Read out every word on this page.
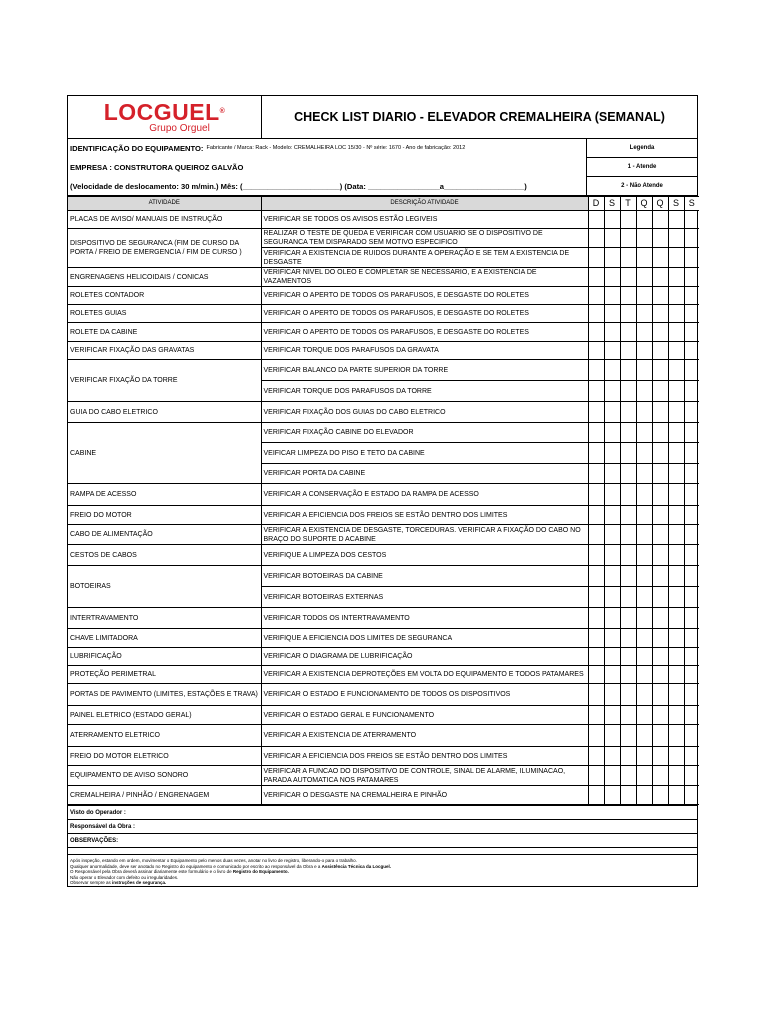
LOCGUEL®
Grupo Orguel
CHECK LIST DIARIO - ELEVADOR CREMALHEIRA (SEMANAL)
IDENTIFICAÇÃO DO EQUIPAMENTO: Fabricante / Marca: Rack - Modelo: CREMALHEIRA LOC 15/30 - Nº série: 1670 - Ano de fabricação: 2012
EMPRESA : CONSTRUTORA QUEIROZ GALVÃO
(Velocidade de deslocamento: 30 m/min.) Mês: (_______________________) (Data: _________________a___________________)
Legenda
1 - Atende
2 - Não Atende
ATIVIDADE	DESCRIÇÃO ATIVIDADE	D	S	T	Q	Q	S	S
PLACAS DE AVISO/ MANUAIS DE INSTRUÇÃO	VERIFICAR SE TODOS OS AVISOS ESTÃO LEGIVEIS							
DISPOSITIVO DE SEGURANCA (FIM DE CURSO DA PORTA / FREIO DE EMERGENCIA / FIM DE CURSO )	REALIZAR O TESTE DE QUEDA E VERIFICAR COM USUARIO SE O DISPOSITIVO DE SEGURANCA TEM DISPARADO SEM MOTIVO ESPECIFICO							
	VERIFICAR A EXISTENCIA DE RUIDOS DURANTE A OPERAÇÃO E SE TEM A EXISTENCIA DE DESGASTE							
ENGRENAGENS HELICOIDAIS / CONICAS	VERIFICAR NIVEL DO OLEO E COMPLETAR SE NECESSARIO, E A EXISTENCIA DE VAZAMENTOS							
ROLETES CONTADOR	VERIFICAR O APERTO DE TODOS OS PARAFUSOS, E DESGASTE DO ROLETES							
ROLETES GUIAS	VERIFICAR O APERTO DE TODOS OS PARAFUSOS, E DESGASTE DO ROLETES							
ROLETE DA CABINE	VERIFICAR O APERTO DE TODOS OS PARAFUSOS, E DESGASTE DO ROLETES							
VERIFICAR FIXAÇÃO DAS GRAVATAS	VERIFICAR TORQUE DOS PARAFUSOS DA GRAVATA							
VERIFICAR FIXAÇÃO DA TORRE	VERIFICAR BALANCO DA PARTE SUPERIOR DA TORRE							
	VERIFICAR TORQUE DOS PARAFUSOS DA TORRE							
GUIA DO CABO ELETRICO	VERIFICAR FIXAÇÃO DOS GUIAS DO CABO ELETRICO							
CABINE	VERIFICAR FIXAÇÃO CABINE DO ELEVADOR							
	VEIFICAR LIMPEZA DO PISO E TETO DA CABINE							
	VERIFICAR PORTA DA CABINE							
RAMPA DE ACESSO	VERIFICAR A CONSERVAÇÃO E ESTADO DA RAMPA DE ACESSO							
FREIO DO MOTOR	VERIFICAR A EFICIENCIA DOS FREIOS SE ESTÃO DENTRO DOS LIMITES							
CABO DE ALIMENTAÇÃO	VERIFICAR A EXISTENCIA DE DESGASTE, TORCEDURAS. VERIFICAR A FIXAÇÃO DO CABO NO BRAÇO DO SUPORTE D ACABINE							
CESTOS DE CABOS	VERIFIQUE A LIMPEZA DOS CESTOS							
BOTOEIRAS	VERIFICAR BOTOEIRAS DA CABINE							
	VERIFICAR BOTOEIRAS EXTERNAS							
INTERTRAVAMENTO	VERIFICAR TODOS OS INTERTRAVAMENTO							
CHAVE LIMITADORA	VERIFIQUE A EFICIENCIA DOS LIMITES DE SEGURANCA							
LUBRIFICAÇÃO	VERIFICAR O DIAGRAMA DE LUBRIFICAÇÃO							
PROTEÇÃO PERIMETRAL	VERIFICAR A EXISTENCIA DEPROTEÇÕES EM VOLTA DO EQUIPAMENTO E TODOS PATAMARES							
PORTAS DE PAVIMENTO (LIMITES, ESTAÇÕES E TRAVA)	VERIFICAR O ESTADO E FUNCIONAMENTO DE TODOS OS DISPOSITIVOS							
PAINEL ELETRICO (ESTADO GERAL)	VERIFICAR O ESTADO GERAL E FUNCIONAMENTO							
ATERRAMENTO ELETRICO	VERIFICAR A EXISTENCIA DE ATERRAMENTO							
FREIO DO MOTOR ELETRICO	VERIFICAR A EFICIENCIA DOS FREIOS SE ESTÃO DENTRO DOS LIMITES							
EQUIPAMENTO DE AVISO SONORO	VERIFICAR A FUNCAO DO DISPOSITIVO DE CONTROLE, SINAL DE ALARME, ILUMINACAO, PARADA AUTOMATICA NOS PATAMARES							
CREMALHEIRA / PINHÃO / ENGRENAGEM	VERIFICAR O DESGASTE NA CREMALHEIRA E PINHÃO							
Visto do Operador :
Responsável da Obra :
OBSERVAÇÕES:
Após inspeção, estando em ordem, movimentar o Equipamento pelo menos duas vezes, anotar no livro de registro, liberando-o para o trabalho.
Qualquer anormalidade, deve ser anotado no Registro do equipamento e comunicado por escrito ao responsável da Obra e a Assistência Técnica da Locguel.
O Responsável pela Obra deverá assinar diariamente este formulário e o livro de Registro do Equipamento.
Não operar o Elevador com defeito ou irregularidades.
Observar sempre as instruções de segurança.
